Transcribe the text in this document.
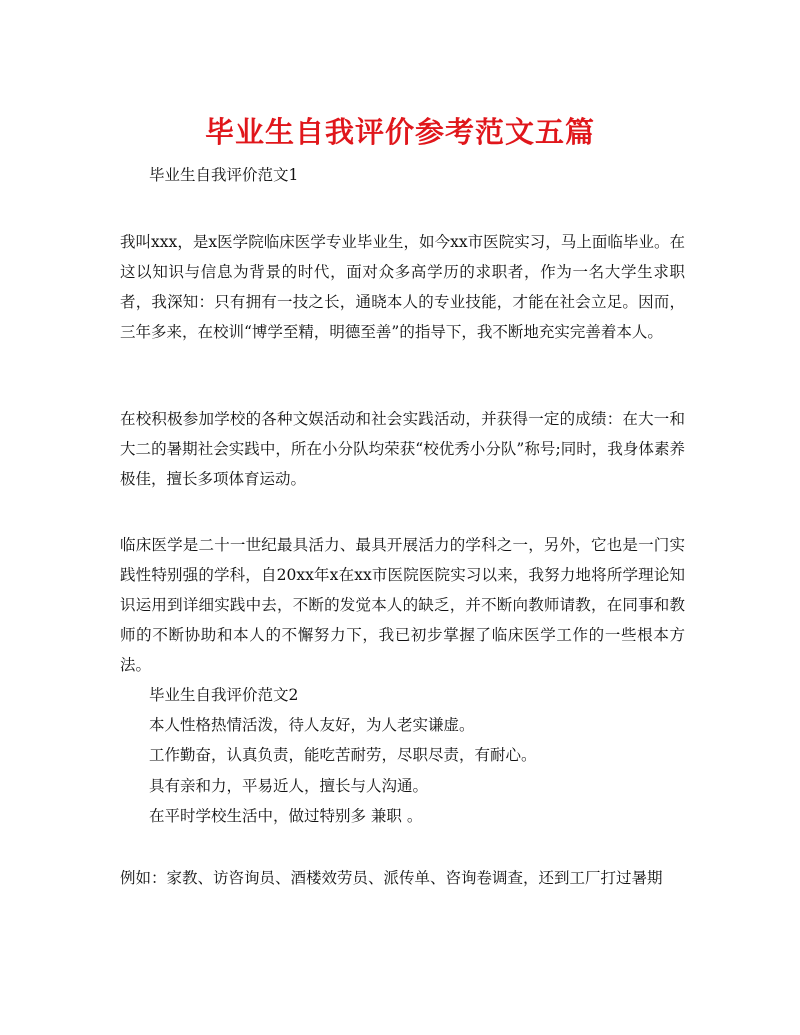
毕业生自我评价参考范文五篇

毕业生自我评价范文1

我叫xxx，是x医学院临床医学专业毕业生，如今xx市医院实习，马上面临毕业。在这以知识与信息为背景的时代，面对众多高学历的求职者，作为一名大学生求职者，我深知：只有拥有一技之长，通晓本人的专业技能，才能在社会立足。因而，三年多来，在校训“博学至精，明德至善”的指导下，我不断地充实完善着本人。

在校积极参加学校的各种文娱活动和社会实践活动，并获得一定的成绩：在大一和大二的暑期社会实践中，所在小分队均荣获“校优秀小分队”称号;同时，我身体素养极佳，擅长多项体育运动。

临床医学是二十一世纪最具活力、最具开展活力的学科之一，另外，它也是一门实践性特别强的学科，自20xx年x在xx市医院医院实习以来，我努力地将所学理论知识运用到详细实践中去，不断的发觉本人的缺乏，并不断向教师请教，在同事和教师的不断协助和本人的不懈努力下，我已初步掌握了临床医学工作的一些根本方法。

毕业生自我评价范文2

本人性格热情活泼，待人友好，为人老实谦虚。

工作勤奋，认真负责，能吃苦耐劳，尽职尽责，有耐心。

具有亲和力，平易近人，擅长与人沟通。

在平时学校生活中，做过特别多 兼职 。

例如：家教、访咨询员、酒楼效劳员、派传单、咨询卷调查，还到工厂打过暑期
